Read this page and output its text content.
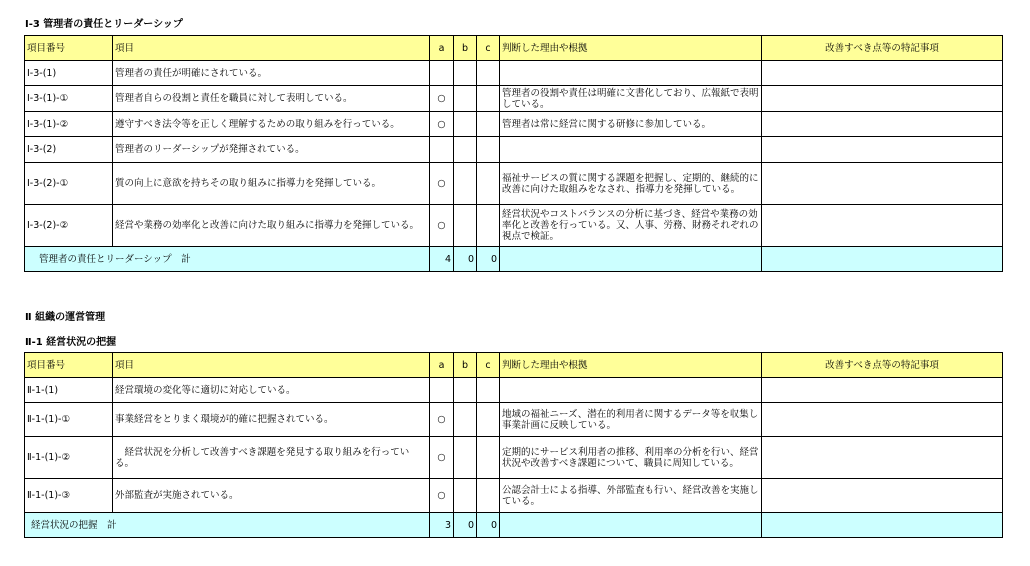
Ⅰ-3 管理者の責任とリーダーシップ
項目番号	項目	a	b	c	判断した理由や根拠	改善すべき点等の特記事項
Ⅰ-3-(1)	管理者の責任が明確にされている。					
Ⅰ-3-(1)-①	管理者自らの役割と責任を職員に対して表明している。	○			管理者の役割や責任は明確に文書化しており、広報紙で表明している。	
Ⅰ-3-(1)-②	遵守すべき法令等を正しく理解するための取り組みを行っている。	○			管理者は常に経営に関する研修に参加している。	
Ⅰ-3-(2)	管理者のリーダーシップが発揮されている。					
Ⅰ-3-(2)-①	質の向上に意欲を持ちその取り組みに指導力を発揮している。	○			福祉サービスの質に関する課題を把握し、定期的、継続的に改善に向けた取組みをなされ、指導力を発揮している。	
Ⅰ-3-(2)-②	経営や業務の効率化と改善に向けた取り組みに指導力を発揮している。	○			経営状況やコストバランスの分析に基づき、経営や業務の効率化と改善を行っている。又、人事、労務、財務それぞれの視点で検証。	
管理者の責任とリーダーシップ　計		4	0	0		
Ⅱ 組織の運営管理
Ⅱ-1 経営状況の把握
項目番号	項目	a	b	c	判断した理由や根拠	改善すべき点等の特記事項
Ⅱ-1-(1)	経営環境の変化等に適切に対応している。					
Ⅱ-1-(1)-①	事業経営をとりまく環境が的確に把握されている。	○			地域の福祉ニーズ、潜在的利用者に関するデータ等を収集し事業計画に反映している。	
Ⅱ-1-(1)-②	　経営状況を分析して改善すべき課題を発見する取り組みを行っている。	○			定期的にサービス利用者の推移、利用率の分析を行い、経営状況や改善すべき課題について、職員に周知している。	
Ⅱ-1-(1)-③	外部監査が実施されている。	○			公認会計士による指導、外部監査も行い、経営改善を実施している。	
経営状況の把握　計		3	0	0		
